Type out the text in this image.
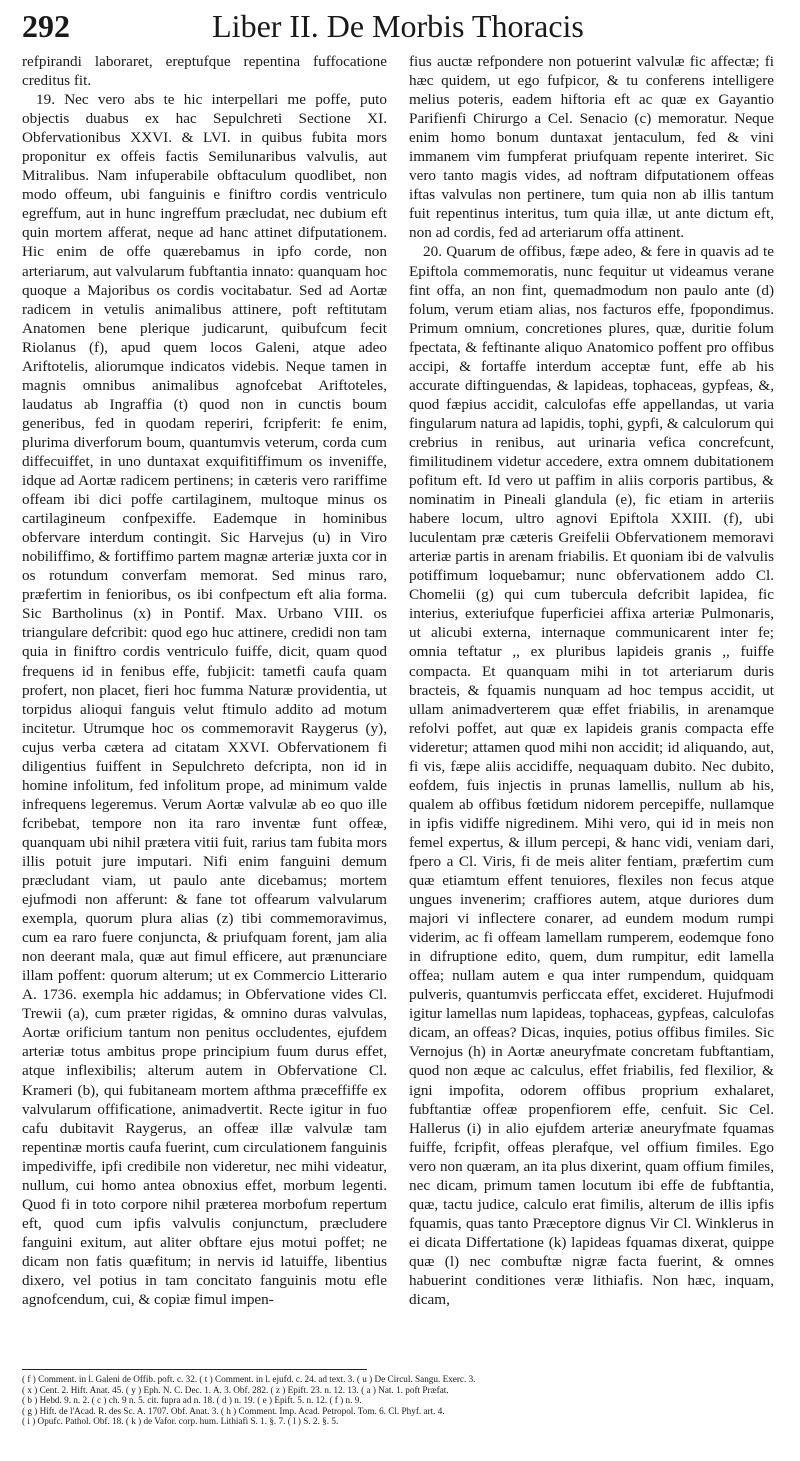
292	Liber II. De Morbis Thoracis

refpirandi laboraret, ereptufque repentina fuffocatione creditus fit.

19. Nec vero abs te hic interpellari me poffe, puto objectis duabus ex hac Sepulchreti Sectione XI. Obfervationibus XXVI. & LVI. in quibus fubita mors proponitur ex offeis factis Semilunaribus valvulis, aut Mitralibus. Nam infuperabile obftaculum quodlibet, non modo offeum, ubi fanguinis e finiftro cordis ventriculo egreffum, aut in hunc ingreffum præcludat, nec dubium eft quin mortem afferat, neque ad hanc attinet difputationem. Hic enim de offe quærebamus in ipfo corde, non arteriarum, aut valvularum fubftantia innato: quanquam hoc quoque a Majoribus os cordis vocitabatur. Sed ad Aortæ radicem in vetulis animalibus attinere, poft reftitutam Anatomen bene plerique judicarunt, quibufcum fecit Riolanus (f), apud quem locos Galeni, atque adeo Ariftotelis, aliorumque indicatos videbis. Neque tamen in magnis omnibus animalibus agnofcebat Ariftoteles, laudatus ab Ingraffia (t) quod non in cunctis boum generibus, fed in quodam reperiri, fcripferit: fe enim, plurima diverforum boum, quantumvis veterum, corda cum diffecuiffet, in uno duntaxat exquifitiffimum os inveniffe, idque ad Aortæ radicem pertinens; in cæteris vero rariffime offeam ibi dici poffe cartilaginem, multoque minus os cartilagineum confpexiffe. Eademque in hominibus obfervare interdum contingit. Sic Harvejus (u) in Viro nobiliffimo, & fortiffimo partem magnæ arteriæ juxta cor in os rotundum converfam memorat. Sed minus raro, præfertim in fenioribus, os ibi confpectum eft alia forma. Sic Bartholinus (x) in Pontif. Max. Urbano VIII. os triangulare defcribit: quod ego huc attinere, credidi non tam quia in finiftro cordis ventriculo fuiffe, dicit, quam quod frequens id in fenibus effe, fubjicit: tametfi caufa quam profert, non placet, fieri hoc fumma Naturæ providentia, ut torpidus alioqui fanguis velut ftimulo addito ad motum incitetur. Utrumque hoc os commemoravit Raygerus (y), cujus verba cætera ad citatam XXVI. Obfervationem fi diligentius fuiffent in Sepulchreto defcripta, non id in homine infolitum, fed infolitum prope, ad minimum valde infrequens legeremus. Verum Aortæ valvulæ ab eo quo ille fcribebat, tempore non ita raro inventæ funt offeæ, quanquam ubi nihil prætera vitii fuit, rarius tam fubita mors illis potuit jure imputari. Nifi enim fanguini demum præcludant viam, ut paulo ante dicebamus; mortem ejufmodi non afferunt: & fane tot offearum valvularum exempla, quorum plura alias (z) tibi commemoravimus, cum ea raro fuere conjuncta, & priufquam forent, jam alia non deerant mala, quæ aut fimul efficere, aut prænunciare illam poffent: quorum alterum; ut ex Commercio Litterario A. 1736. exempla hic addamus; in Obfervatione vides Cl. Trewii (a), cum præter rigidas, & omnino duras valvulas, Aortæ orificium tantum non penitus occludentes, ejufdem arteriæ totus ambitus prope principium fuum durus effet, atque inflexibilis; alterum autem in Obfervatione Cl. Krameri (b), qui fubitaneam mortem afthma præceffiffe ex valvularum offificatione, animadvertit. Recte igitur in fuo cafu dubitavit Raygerus, an offeæ illæ valvulæ tam repentinæ mortis caufa fuerint, cum circulationem fanguinis impediviffe, ipfi credibile non videretur, nec mihi videatur, nullum, cui homo antea obnoxius effet, morbum legenti. Quod fi in toto corpore nihil præterea morbofum repertum eft, quod cum ipfis valvulis conjunctum, præcludere fanguini exitum, aut aliter obftare ejus motui poffet; ne dicam non fatis quæfitum; in nervis id latuiffe, libentius dixero, vel potius in tam concitato fanguinis motu efle agnofcendum, cui, & copiæ fimul impen-

fius auctæ refpondere non potuerint valvulæ fic affectæ; fi hæc quidem, ut ego fufpicor, & tu conferens intelligere melius poteris, eadem hiftoria eft ac quæ ex Gayantio Parifienfi Chirurgo a Cel. Senacio (c) memoratur. Neque enim homo bonum duntaxat jentaculum, fed & vini immanem vim fumpferat priufquam repente interiret. Sic vero tanto magis vides, ad noftram difputationem offeas iftas valvulas non pertinere, tum quia non ab illis tantum fuit repentinus interitus, tum quia illæ, ut ante dictum eft, non ad cordis, fed ad arteriarum offa attinent.

20. Quarum de offibus, fæpe adeo, & fere in quavis ad te Epiftola commemoratis, nunc fequitur ut videamus verane fint offa, an non fint, quemadmodum non paulo ante (d) folum, verum etiam alias, nos facturos effe, fpopondimus. Primum omnium, concretiones plures, quæ, duritie folum fpectata, & feftinante aliquo Anatomico poffent pro offibus accipi, & fortaffe interdum acceptæ funt, effe ab his accurate diftinguendas, & lapideas, tophaceas, gypfeas, &, quod fæpius accidit, calculofas effe appellandas, ut varia fingularum natura ad lapidis, tophi, gypfi, & calculorum qui crebrius in renibus, aut urinaria vefica concrefcunt, fimilitudinem videtur accedere, extra omnem dubitationem pofitum eft. Id vero ut paffim in aliis corporis partibus, & nominatim in Pineali glandula (e), fic etiam in arteriis habere locum, ultro agnovi Epiftola XXIII. (f), ubi luculentam præ cæteris Greifelii Obfervationem memoravi arteriæ partis in arenam friabilis. Et quoniam ibi de valvulis potiffimum loquebamur; nunc obfervationem addo Cl. Chomelii (g) qui cum tubercula defcribit lapidea, fic interius, exteriufque fuperficiei affixa arteriæ Pulmonaris, ut alicubi externa, internaque communicarent inter fe; omnia teftatur ,, ex pluribus lapideis granis ,, fuiffe compacta. Et quanquam mihi in tot arteriarum duris bracteis, & fquamis nunquam ad hoc tempus accidit, ut ullam animadverterem quæ effet friabilis, in arenamque refolvi poffet, aut quæ ex lapideis granis compacta effe videretur; attamen quod mihi non accidit; id aliquando, aut, fi vis, fæpe aliis accidiffe, nequaquam dubito. Nec dubito, eofdem, fuis injectis in prunas lamellis, nullum ab his, qualem ab offibus fœtidum nidorem percepiffe, nullamque in ipfis vidiffe nigredinem. Mihi vero, qui id in meis non femel expertus, & illum percepi, & hanc vidi, veniam dari, fpero a Cl. Viris, fi de meis aliter fentiam, præfertim cum quæ etiamtum effent tenuiores, flexiles non fecus atque ungues invenerim; craffiores autem, atque duriores dum majori vi inflectere conarer, ad eundem modum rumpi viderim, ac fi offeam lamellam rumperem, eodemque fono in difruptione edito, quem, dum rumpitur, edit lamella offea; nullam autem e qua inter rumpendum, quidquam pulveris, quantumvis perficcata effet, excideret. Hujufmodi igitur lamellas num lapideas, tophaceas, gypfeas, calculofas dicam, an offeas? Dicas, inquies, potius offibus fimiles. Sic Vernojus (h) in Aortæ aneuryfmate concretam fubftantiam, quod non æque ac calculus, effet friabilis, fed flexilior, & igni impofita, odorem offibus proprium exhalaret, fubftantiæ offeæ propenfiorem effe, cenfuit. Sic Cel. Hallerus (i) in alio ejufdem arteriæ aneuryfmate fquamas fuiffe, fcripfit, offeas plerafque, vel offium fimiles. Ego vero non quæram, an ita plus dixerint, quam offium fimiles, nec dicam, primum tamen locutum ibi effe de fubftantia, quæ, tactu judice, calculo erat fimilis, alterum de illis ipfis fquamis, quas tanto Præceptore dignus Vir Cl. Winklerus in ei dicata Differtatione (k) lapideas fquamas dixerat, quippe quæ (l) nec combuftæ nigræ facta fuerint, & omnes habuerint conditiones veræ lithiafis. Non hæc, inquam, dicam,

( f ) Comment. in l. Galeni de Offib. poft. c. 32. ( t ) Comment. in l. ejufd. c. 24. ad text. 3. ( u ) De Circul. Sangu. Exerc. 3.
( x ) Cent. 2. Hift. Anat. 45. ( y ) Eph. N. C. Dec. 1. A. 3. Obf. 282. ( z ) Epift. 23. n. 12. 13. ( a ) Nat. 1. poft Præfat.
( b ) Hebd. 9. n. 2. ( c ) ch. 9 n. 5. cit. fupra ad n. 18. ( d ) n. 19. ( e ) Epift. 5. n. 12. ( f ) n. 9.
( g ) Hift. de l'Acad. R. des Sc. A. 1707. Obf. Anat. 3. ( h ) Comment. Imp. Acad. Petropol. Tom. 6. Cl. Phyf. art. 4.
( i ) Opufc. Pathol. Obf. 18. ( k ) de Vafor. corp. hum. Lithiafi S. 1. §. 7. ( l ) S. 2. §. 5.
